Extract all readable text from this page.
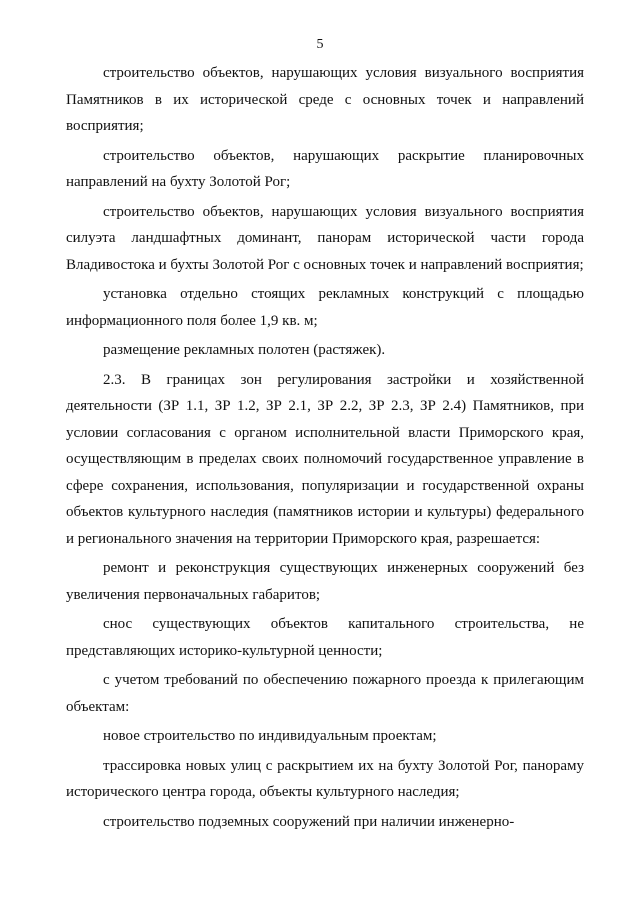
5

строительство объектов, нарушающих условия визуального восприятия Памятников в их исторической среде с основных точек и направлений восприятия;

строительство объектов, нарушающих раскрытие планировочных направлений на бухту Золотой Рог;

строительство объектов, нарушающих условия визуального восприятия силуэта ландшафтных доминант, панорам исторической части города Владивостока и бухты Золотой Рог с основных точек и направлений восприятия;

установка отдельно стоящих рекламных конструкций с площадью информационного поля более 1,9 кв. м;

размещение рекламных полотен (растяжек).

2.3. В границах зон регулирования застройки и хозяйственной деятельности (ЗР 1.1, ЗР 1.2, ЗР 2.1, ЗР 2.2, ЗР 2.3, ЗР 2.4) Памятников, при условии согласования с органом исполнительной власти Приморского края, осуществляющим в пределах своих полномочий государственное управление в сфере сохранения, использования, популяризации и государственной охраны объектов культурного наследия (памятников истории и культуры) федерального и регионального значения на территории Приморского края, разрешается:

ремонт и реконструкция существующих инженерных сооружений без увеличения первоначальных габаритов;

снос существующих объектов капитального строительства, не представляющих историко-культурной ценности;

с учетом требований по обеспечению пожарного проезда к прилегающим объектам:

новое строительство по индивидуальным проектам;

трассировка новых улиц с раскрытием их на бухту Золотой Рог, панораму исторического центра города, объекты культурного наследия;

строительство подземных сооружений при наличии инженерно-
